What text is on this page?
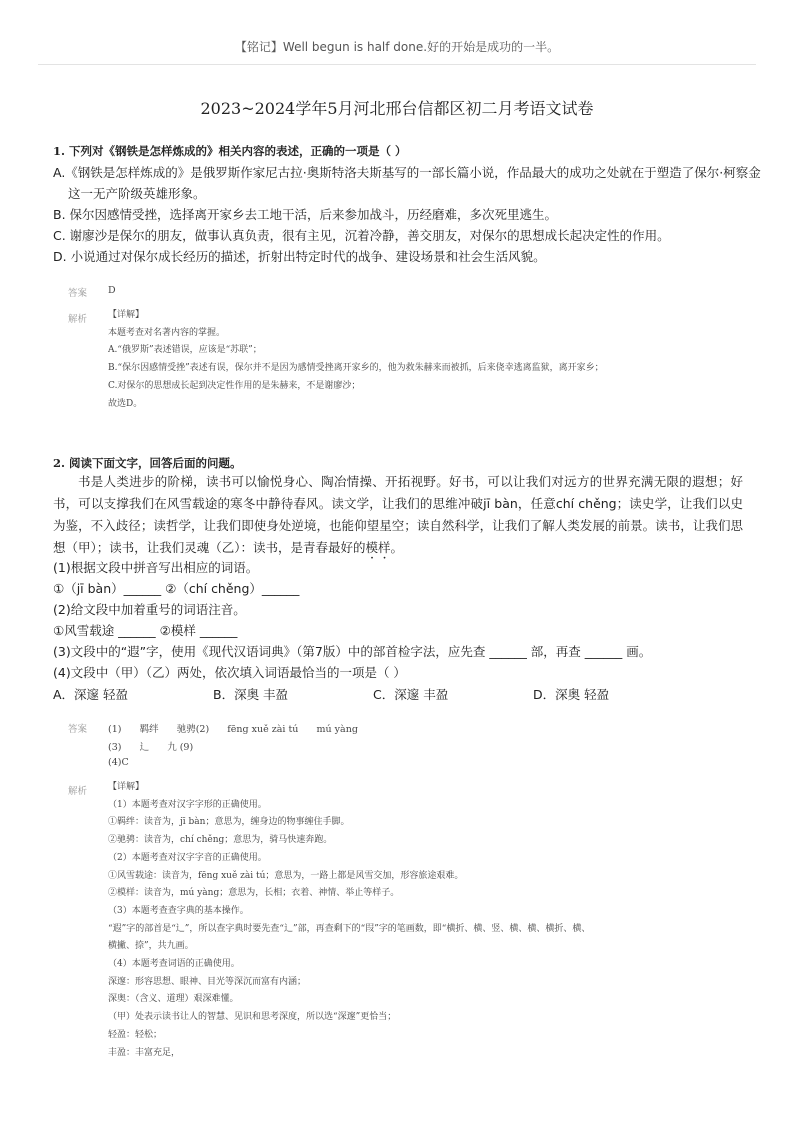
【铭记】Well begun is half done.好的开始是成功的一半。
2023~2024学年5月河北邢台信都区初二月考语文试卷
1. 下列对《钢铁是怎样炼成的》相关内容的表述，正确的一项是（ ）
A.《钢铁是怎样炼成的》是俄罗斯作家尼古拉·奥斯特洛夫斯基写的一部长篇小说，作品最大的成功之处就在于塑造了保尔·柯察金
这一无产阶级英雄形象。
B. 保尔因感情受挫，选择离开家乡去工地干活，后来参加战斗，历经磨难，多次死里逃生。
C. 谢廖沙是保尔的朋友，做事认真负责，很有主见，沉着冷静，善交朋友，对保尔的思想成长起决定性的作用。
D. 小说通过对保尔成长经历的描述，折射出特定时代的战争、建设场景和社会生活风貌。
答案 D
解析 【详解】
本题考查对名著内容的掌握。
A.“俄罗斯”表述错误，应该是“苏联”；
B.“保尔因感情受挫”表述有误，保尔并不是因为感情受挫离开家乡的，他为救朱赫来而被抓，后来侥幸逃离监狱，离开家乡；
C.对保尔的思想成长起到决定性作用的是朱赫来，不是谢廖沙；
故选D。
2. 阅读下面文字，回答后面的问题。
书是人类进步的阶梯，读书可以愉悦身心、陶冶情操、开拓视野。好书，可以让我们对远方的世界充满无限的遐想；好书，可以支撑我们在风雪载途的寒冬中静待春风。读文学，让我们的思维冲破jī bàn，任意chí chěng；读史学，让我们以史为鉴，不入歧径；读哲学，让我们即使身处逆境，也能仰望星空；读自然科学，让我们了解人类发展的前景。读书，让我们思想（甲）；读书，让我们灵魂（乙）：读书，是青春最好的模样。
(1)根据文段中拼音写出相应的词语。
①（jī bàn）______ ②（chí chěng）______
(2)给文段中加着重号的词语注音。
①风雪载途 ______ ②模样 ______
(3)文段中的“遐”字，使用《现代汉语词典》（第7版）中的部首检字法，应先查 ______ 部，再查 ______ 画。
(4)文段中（甲）（乙）两处，依次填入词语最恰当的一项是（ ）
A．深邃 轻盈	B．深奥 丰盈	C．深邃 丰盈	D．深奥 轻盈
答案 (1)      羁绊      驰骋(2)      fēng xuě zài tú      mú yàng
(3)      辶      九 (9)
(4)C
解析 【详解】
（1）本题考查对汉字字形的正确使用。
①羁绊：读音为，jī bàn；意思为，缠身边的物事缠住手脚。
②驰骋：读音为，chí chěng；意思为，骑马快速奔跑。
（2）本题考查对汉字字音的正确使用。
①风雪载途：读音为，fēng xuě zài tú；意思为，一路上都是风雪交加，形容旅途艰难。
②模样：读音为，mú yàng；意思为，长相；衣着、神情、举止等样子。
（3）本题考查查字典的基本操作。
“遐”字的部首是“辶”，所以查字典时要先查“辶”部，再查剩下的“叚”字的笔画数，即“横折、横、竖、横、横、横折、横、
横撇、捺”，共九画。
（4）本题考查词语的正确使用。
深邃：形容思想、眼神、目光等深沉而富有内涵；
深奥：（含义、道理）艰深难懂。
（甲）处表示读书让人的智慧、见识和思考深度，所以选“深邃”更恰当；
轻盈：轻松；
丰盈：丰富充足，
